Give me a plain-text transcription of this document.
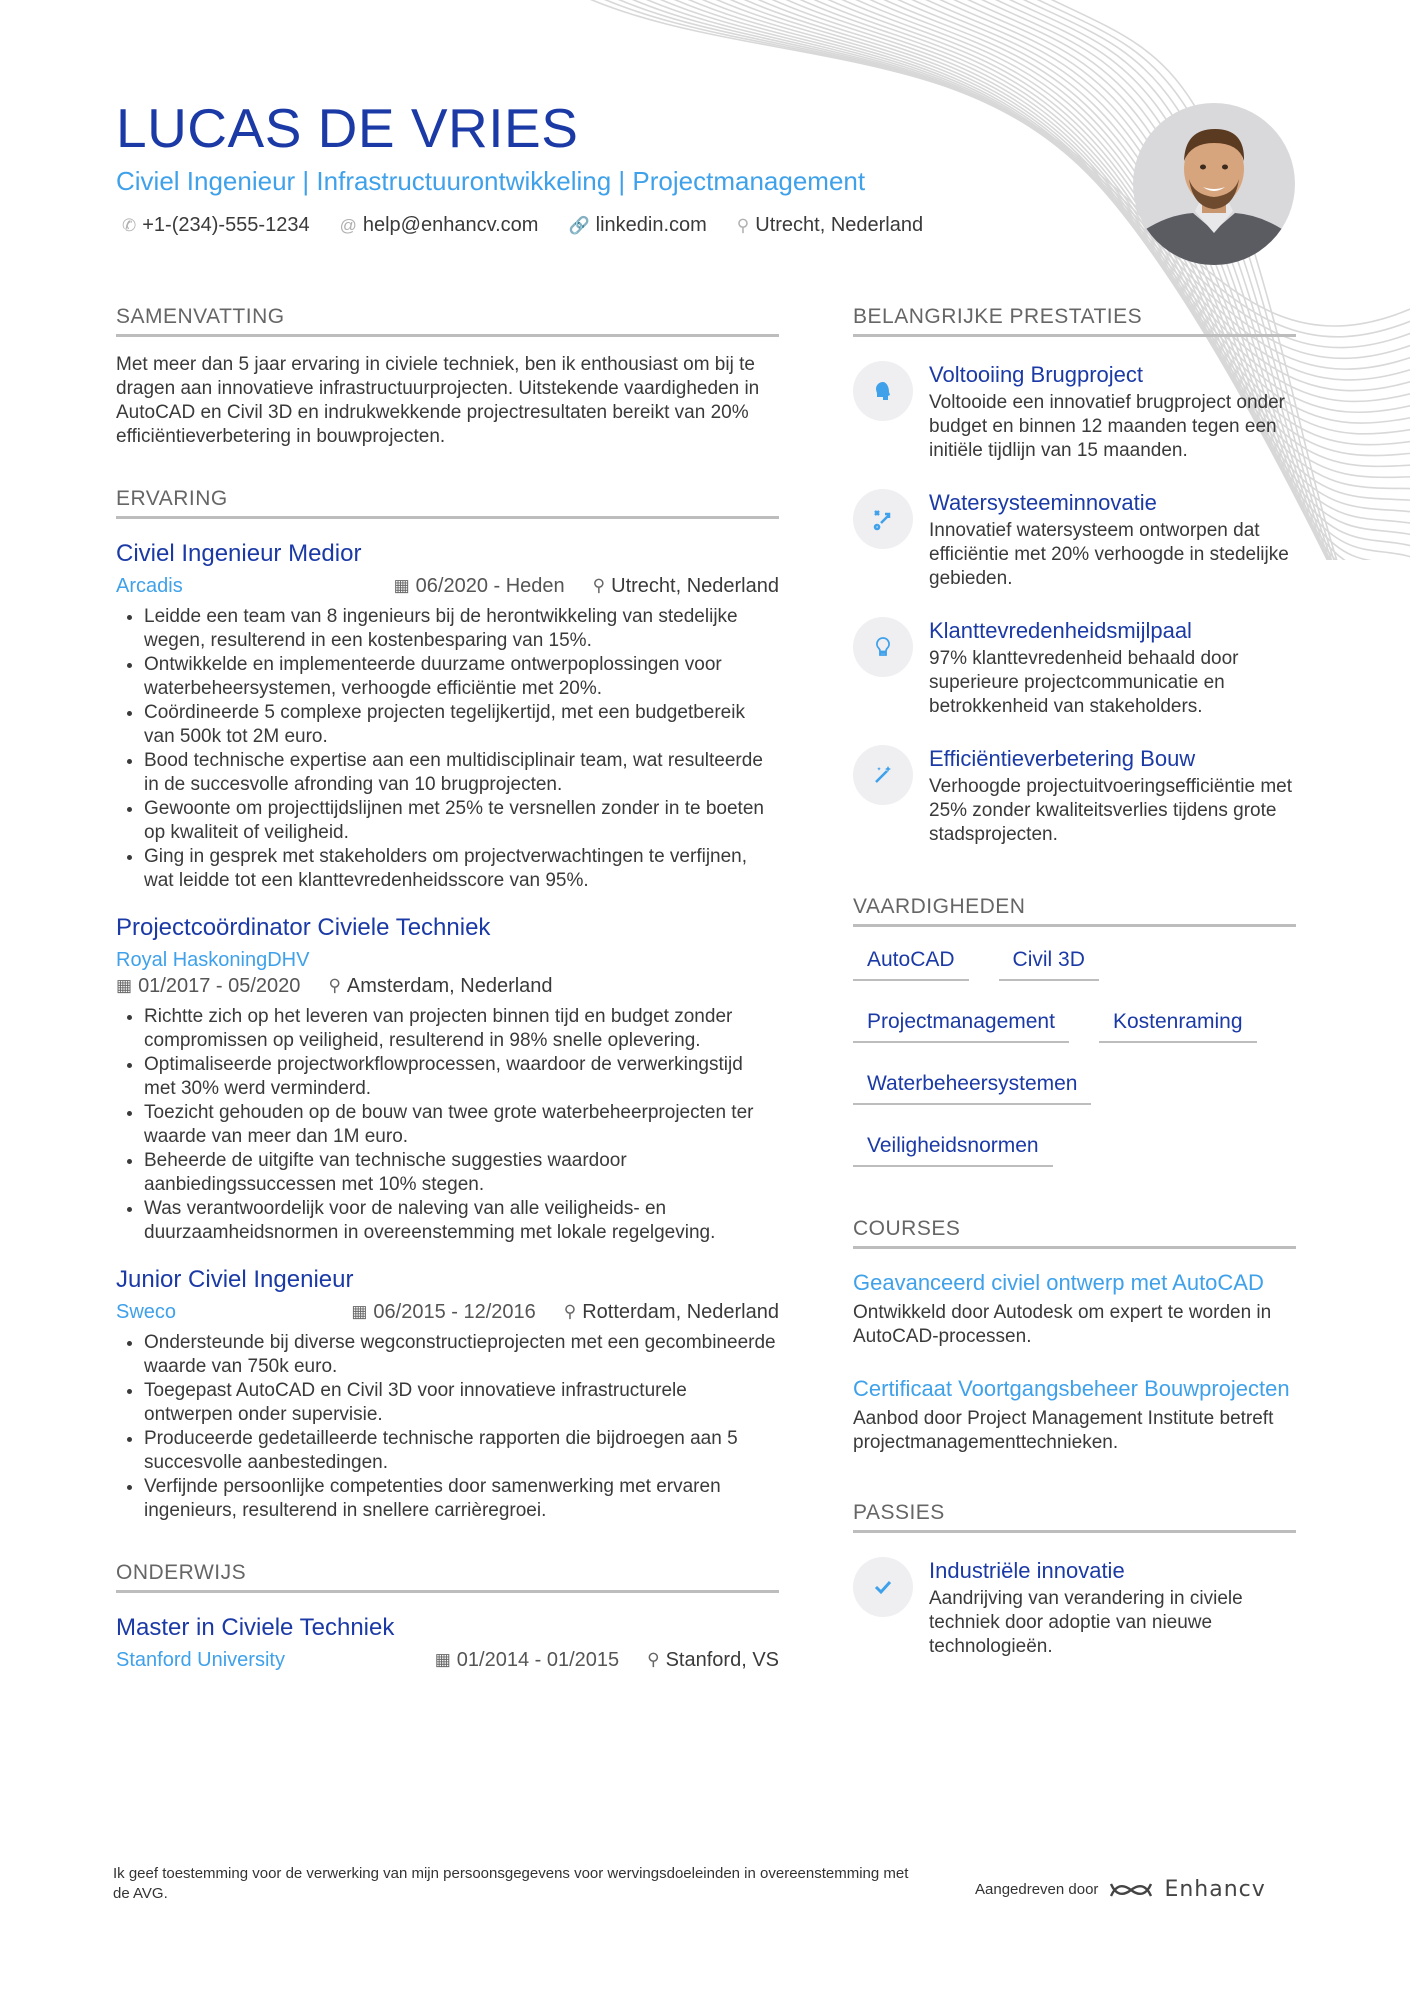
LUCAS DE VRIES
Civiel Ingenieur | Infrastructuurontwikkeling | Projectmanagement
✆ +1-(234)-555-1234 @ help@enhancv.com 🔗 linkedin.com ⚲ Utrecht, Nederland
SAMENVATTING
Met meer dan 5 jaar ervaring in civiele techniek, ben ik enthousiast om bij te dragen aan innovatieve infrastructuurprojecten. Uitstekende vaardigheden in AutoCAD en Civil 3D en indrukwekkende projectresultaten bereikt van 20% efficiëntieverbetering in bouwprojecten.
ERVARING
Civiel Ingenieur Medior
Arcadis	▦ 06/2020 - Heden ⚲ Utrecht, Nederland
• Leidde een team van 8 ingenieurs bij de herontwikkeling van stedelijke wegen, resulterend in een kostenbesparing van 15%.
• Ontwikkelde en implementeerde duurzame ontwerpoplossingen voor waterbeheersystemen, verhoogde efficiëntie met 20%.
• Coördineerde 5 complexe projecten tegelijkertijd, met een budgetbereik van 500k tot 2M euro.
• Bood technische expertise aan een multidisciplinair team, wat resulteerde in de succesvolle afronding van 10 brugprojecten.
• Gewoonte om projecttijdslijnen met 25% te versnellen zonder in te boeten op kwaliteit of veiligheid.
• Ging in gesprek met stakeholders om projectverwachtingen te verfijnen, wat leidde tot een klanttevredenheidsscore van 95%.
Projectcoördinator Civiele Techniek
Royal HaskoningDHV
▦ 01/2017 - 05/2020 ⚲ Amsterdam, Nederland
• Richtte zich op het leveren van projecten binnen tijd en budget zonder compromissen op veiligheid, resulterend in 98% snelle oplevering.
• Optimaliseerde projectworkflowprocessen, waardoor de verwerkingstijd met 30% werd verminderd.
• Toezicht gehouden op de bouw van twee grote waterbeheerprojecten ter waarde van meer dan 1M euro.
• Beheerde de uitgifte van technische suggesties waardoor aanbiedingssuccessen met 10% stegen.
• Was verantwoordelijk voor de naleving van alle veiligheids- en duurzaamheidsnormen in overeenstemming met lokale regelgeving.
Junior Civiel Ingenieur
Sweco	▦ 06/2015 - 12/2016 ⚲ Rotterdam, Nederland
• Ondersteunde bij diverse wegconstructieprojecten met een gecombineerde waarde van 750k euro.
• Toegepast AutoCAD en Civil 3D voor innovatieve infrastructurele ontwerpen onder supervisie.
• Produceerde gedetailleerde technische rapporten die bijdroegen aan 5 succesvolle aanbestedingen.
• Verfijnde persoonlijke competenties door samenwerking met ervaren ingenieurs, resulterend in snellere carrièregroei.
ONDERWIJS
Master in Civiele Techniek
Stanford University	▦ 01/2014 - 01/2015 ⚲ Stanford, VS
BELANGRIJKE PRESTATIES
Voltooiing Brugproject
Voltooide een innovatief brugproject onder budget en binnen 12 maanden tegen een initiële tijdlijn van 15 maanden.
Watersysteeminnovatie
Innovatief watersysteem ontworpen dat efficiëntie met 20% verhoogde in stedelijke gebieden.
Klanttevredenheidsmijlpaal
97% klanttevredenheid behaald door superieure projectcommunicatie en betrokkenheid van stakeholders.
Efficiëntieverbetering Bouw
Verhoogde projectuitvoeringsefficiëntie met 25% zonder kwaliteitsverlies tijdens grote stadsprojecten.
VAARDIGHEDEN
AutoCAD	Civil 3D
Projectmanagement	Kostenraming
Waterbeheersystemen
Veiligheidsnormen
COURSES
Geavanceerd civiel ontwerp met AutoCAD
Ontwikkeld door Autodesk om expert te worden in AutoCAD-processen.
Certificaat Voortgangsbeheer Bouwprojecten
Aanbod door Project Management Institute betreft projectmanagementtechnieken.
PASSIES
Industriële innovatie
Aandrijving van verandering in civiele techniek door adoptie van nieuwe technologieën.
Ik geef toestemming voor de verwerking van mijn persoonsgegevens voor wervingsdoeleinden in overeenstemming met de AVG.	Aangedreven door	Enhancv
